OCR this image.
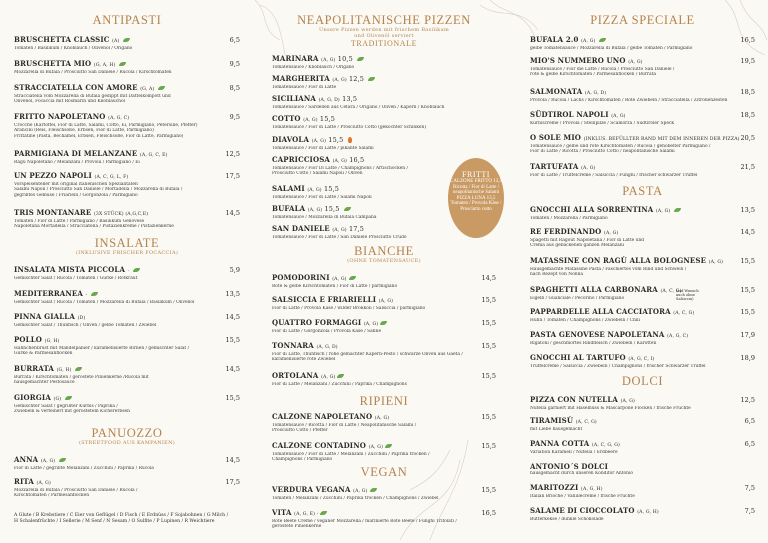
ANTIPASTI

BRUSCHETTA CLASSIC (A)
Tomaten / Basilikum / Knoblauch / Olivenöl / Origano
6,5
BRUSCHETTA MIO (G, A, H)
Mozzarella di Bufala / Prosciutto San Daniele / Rucola / Kirschtomaten
9,5
STRACCIATELLA CON AMORE (G, A)
Stracciatella vom Mozzarella di Bufala gedippt mit Dattelkompott und
Olivenöl, Focaccia mit Rosmarin und Knoblauchöl
8,5
FRITTO NAPOLETANO (A, G, C)
Crocché (Kartoffel, Fior di Latte, Salami, Cotto, Ei, Parmigiano, Petersilie, Pfeffer)
Arancini (Reis, Fleischsoße, Erbsen, Fior di Latte, Parmigiano)
Frittatine (Pasta, Bechamel, Erbsen, Fleischsoße, Fior di Latte, Parmigiano)
9,5
PARMIGIANA DI MELANZANE (A, G, C, E)
Ragù Napoletano / Melanzani / Provola / Parmigiano / Ei
12,5
UN PEZZO NAPOLI (A, C, G, L, F)
Vorspeisenteller mit original italienischen Spezialitäten
Salami Napoli / Prosciutto San Daniele / Mortadella / Mozzarella di Bufala /
gegrilltes Gemüse / Friarielli / Gorgonzola / Parmigiano
17,5
TRIS MONTANARE (3X STÜCK) (A,G,C,E)
Tomaten / Fior di Latte / Parmigiano / Basilikum Genovese
Napoletana Mortadella / Stracciatella / Pistazienkreme / Pistazienkerne
14,5

INSALATE

(INKLUSIVE FRISCHER FOCACCIA)
INSALATA MISTA PICCOLA -
Gemischter Salat / Rucola / Tomaten / Gurke / Rotkraut
5,9
MEDITERRANEA -
Gemischter Salat / Rucola / Tomaten / Mozzarella di Bufala / Basilikum / Olivenöl
13,5
PINNA GIALLA (D)
Gemischter Salat / Thunfisch / Oliven / gelbe Tomaten / Zwiebel
14,5
POLLO (G, H)
Hähnchenbrust mit Mandelpanier / karamellisierte Birnen / gemischter Salat /
Gurke & Parmesanflocken
15,5
BURRATA (G, H)
Burrata / Kirschtomaten / geröstete Pinienkerne /Rucola mit
hausgemachter Pestosauce
14,5
GIORGIA (G)
Gemischter Salat / gegrillter Kürbis / Paprika /
Zwiebeln & verfeinert mit geröstetem Kichererbsen
15,5

PANUOZZO

(STREETFOOD AUS KAMPANIEN)
ANNA (A, G)
Fior di Latte / gegrillte Melanzani / Zucchini / Paprika / Rucola
14,5
RITA (A, G)
Mozzarella di Bufala / Prosciutto San Daniele / Rucola /
Kirschtomaten / Parmesanflocken
17,5
A Glute / B Krebstiere / C Eier von Geflügel / D Fisch / E Erdnüss / F Sojabohnen / G Milch /
H Schalenfrüchte / I Sellerie / M Senf / N Sesam / O Sulfite / P Lupinen / R Weichtiere

NEAPOLITANISCHE PIZZEN

Unsere Pizzen werden mit frischem Basilikum
und Olivenöl serviert

TRADITIONALE

MARINARA (A, G) 10,5
Tomatensauce / Knoblauch / Origano
MARGHERITA (A, G) 12,5
Tomatensauce / Fior di Latte
SICILIANA (A, G, D) 13,5
Tomatensauce / Sardellen aus Cetara / Origano / Oliven / Kapern / Knoblauch
COTTO (A, G) 15,5
Tomatensauce / Fior di Latte / Prosciutto Cotto (gekochter Schinken)
DIAVOLA (A, G) 15,5
Tomatensauce / Fior di Latte / pikante Salami
CAPRICCIOSA (A, G) 16,5
Tomatensauce / Fior Di Latte / Champignons / Artischocken /
Prosciutto Cotto / Salami Napoli / Oliven
SALAMI (A, G) 15,5
Tomatensauce / Fior di Latte / Salami Napoli
BUFALA (A, G) 15,5
Tomatensauce / Mozzarella di Bufala Campana
SAN DANIELE (A, G) 17,5
Tomatensauce / Fior di Latte / San Daniele Prosciutto Crudo

BIANCHE

(OHNE TOMATENSAUCE)
POMODORINI (A, G)
Rote & gelbe Kirschtomaten / Fior di Latte / parmigiano
14,5
SALSICCIA E FRIARIELLI (A, G)
Fior di Latte / Provola Käse / wilder Brokkoli / Salsiccia / parmigiano
15,5
QUATTRO FORMAGGI (A, G)
Fior di Latte / Gorgonzola / Provola Käse / Sahne
15,5
TONNARA (A, G, D)
Fior di Latte, Thunfisch / rohe gemachter Kapern-Pesto / schwarze Oliven aus Gaeta /
karamellisierte rote Zwiebel
15,5
ORTOLANA (A, G)
Fior di Latte / Melanzani / Zucchini / Paprika / Champignons
15,5

RIPIENI

CALZONE NAPOLETANO (A, G)
Tomatensauce / Ricotta / Fior di Latte / Neapolitanische Salami /
Prosciutto Cotto / Pfeffer
15,5
CALZONE CONTADINO (A, G)
Tomatensauce / Fior di Latte / Melanzani / Zucchini / Paprika trocken /
Champignons / Parmigiano
15,5

VEGAN

VERDURA VEGANA (A, G)
Tomaten / Melanzani / Zucchini / Paprika trocken / Champignons / Zwiebel
15,5
VITA (A, G, E) -
Rote Beete Creme / veganer Mozzarella / marinierte Rote Beete / Funghi Trifolati /
geröstete Pinienkerne
16,5
FRITTI
CALZONE FRITTO 13,5
Ricotta / Fior di Latte /
neapolitanische Salami
PIZZA LUNA 13,5
Tomaten / Provola Käse /
Prosciutto cotto

PIZZA SPECIALE

BUFALA 2.0 (A, G)
gelbe Tomatensauce / Mozzarella di Bufala / gelbe Tomaten / Parmigiano
16,5
MIO'S NUMMERO UNO (A, G)
Tomatensauce / Fior die Latte / Rucola / Prosciutto San Daniele /
rote & gelbe Kirschtomaten / Parmesanflocken / Burrata
19,5
SALMONATA (A, G, D)
Provola / Rucola / Lachs / Kirschtomaten / Rote Zwiebeln / Stracciatella / Zitronenzesten
18,5
SÜDTIROL NAPOLI (A, G)
Kürbiscreme / Provola / Steinpilze / Scamorza / Südtiroler Speck
18,5
O SOLE MIO (INKLUS. BEFÜLLTER RAND MIT DEM INNEREN DER PIZZA)
Tomatensauce / gelbe und rote Kirschtomaten / Rucola / gehobelter Parmigiano /
Fior di Latte / Ricotta / Prosciutto Cotto / neapolitanische Salami
20,5
TARTUFATA (A, G)
Fior di Latte / Trüffelcreme / Salsiccia / Funghi / frischer schwarzer Trüffel
21,5

PASTA

GNOCCHI ALLA SORRENTINA (A, G)
Tomaten / Mozzarella / Parmigiano
13,5
RE FERDINANDO (A, G)
Spagetti mit Ragout Napoletana / Fior di Latte und
Crema aus gebackenen ganzen Melanzani
14,5
MATASSINE CON RAGÙ ALLA BOLOGNESE (A, G)
Hausgemachte Matassine Pasta / Faschiertes vom Rind und Schwein /
nach Rezept von Nonna
15,5
SPAGHETTI ALLA CARBONARA (A, C, G)
Eigelb / Guanciale / Pecorino / Parmigiano
15,5
PAPPARDELLE ALLA CACCIATORA (A, C, G)
Huhn / Tomaten / Champignons / Zwiebeln / Chili
15,5
PASTA GENOVESE NAPOLETANA (A, G, C)
Rigatoni / geschmortes Rindfleisch / Zwiebeln / Karotten
17,9
GNOCCHI AL TARTUFO (A, G, C, I)
Trüffelcreme / Salsiccia / Zwiebeln / Champignons / frischer Schwarzer Trüffel
18,9
(auf Wunsch auch ohne Salsiccia)

DOLCI

PIZZA CON NUTELLA (A, G)
Nutella garniert mit Haselnuss & Mascarpone Flocken / frische Früchte
12,5
TIRAMISÙ (A, C, G)
mit Liebe hausgemacht
6,5
PANNA COTTA (A, C, G, G)
Variation Karamell / Nutella / Erdbeere
6,5
ANTONIO´S DOLCI
hausgemacht durch unseren Konditor Antonio
MARITOZZI (A, G, H)
Italian Brioche / Vanillecreme / frische Früchte
7,5
SALAME DI CIOCCOLATO (A, G, H)
Butterkekse / dunkle Schokolade
7,5
